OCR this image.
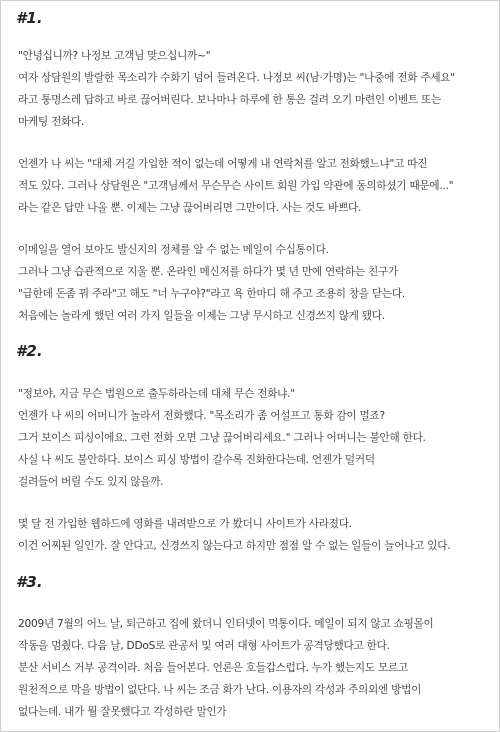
#1.
"안녕십니까? 나정보 고객님 맞으십니까~"
여자 상담원의 발랄한 목소리가 수화기 넘어 들려온다. 나정보 씨(남·가명)는 "나중에 전화 주세요"
라고 퉁명스레 답하고 바로 끊어버린다. 보나마나 하루에 한 통은 걸려 오기 마련인 이벤트 또는
마케팅 전화다.
언젠가 나 씨는 "대체 거길 가입한 적이 없는데 어떻게 내 연락처를 알고 전화했느냐"고 따진
적도 있다. 그러나 상담원은 "고객님께서 무슨무슨 사이트 회원 가입 약관에 동의하셨기 때문에..."
라는 같은 답만 나올 뿐. 이제는 그냥 끊어버리면 그만이다. 사는 것도 바쁘다.
이메일을 열어 보아도 발신지의 정체를 알 수 없는 메일이 수십통이다.
그러나 그냥 습관적으로 지울 뿐. 온라인 메신저를 하다가 몇 년 만에 연락하는 친구가
"급한데 돈좀 꿔 주라"고 해도 "너 누구야?"라고 욕 한마디 해 주고 조용히 창을 닫는다.
처음에는 놀라게 했던 여러 가지 일들을 이제는 그냥 무시하고 신경쓰지 않게 됐다.
#2.
"정보야, 지금 무슨 법원으로 출두하라는데 대체 무슨 전화냐."
언젠가 나 씨의 어머니가 놀라서 전화했다. "목소리가 좀 어설프고 통화 감이 멀죠?
그거 보이스 피싱이에요. 그런 전화 오면 그냥 끊어버리세요." 그러나 어머니는 불안해 한다.
사실 나 씨도 불안하다. 보이스 피싱 방법이 갈수록 진화한다는데. 언젠가 덜커덕
걸려들어 버릴 수도 있지 않을까.
몇 달 전 가입한 웹하드에 영화를 내려받으로 가 봤더니 사이트가 사라졌다.
이건 어찌된 일인가. 잘 안다고, 신경쓰지 않는다고 하지만 점점 알 수 없는 일들이 늘어나고 있다.
#3.
2009년 7월의 어느 날, 퇴근하고 집에 왔더니 인터넷이 먹통이다. 메일이 되지 않고 쇼핑몰이
작동을 멈췄다. 다음 날, DDoS로 관공서 및 여러 대형 사이트가 공격당했다고 한다.
분산 서비스 거부 공격이라. 처음 들어본다. 언론은 호들갑스럽다. 누가 했는지도 모르고
원천적으로 막을 방법이 없단다. 나 씨는 조금 화가 난다. 이용자의 각성과 주의외엔 방법이
없다는데. 내가 뭘 잘못했다고 각성하란 말인가
